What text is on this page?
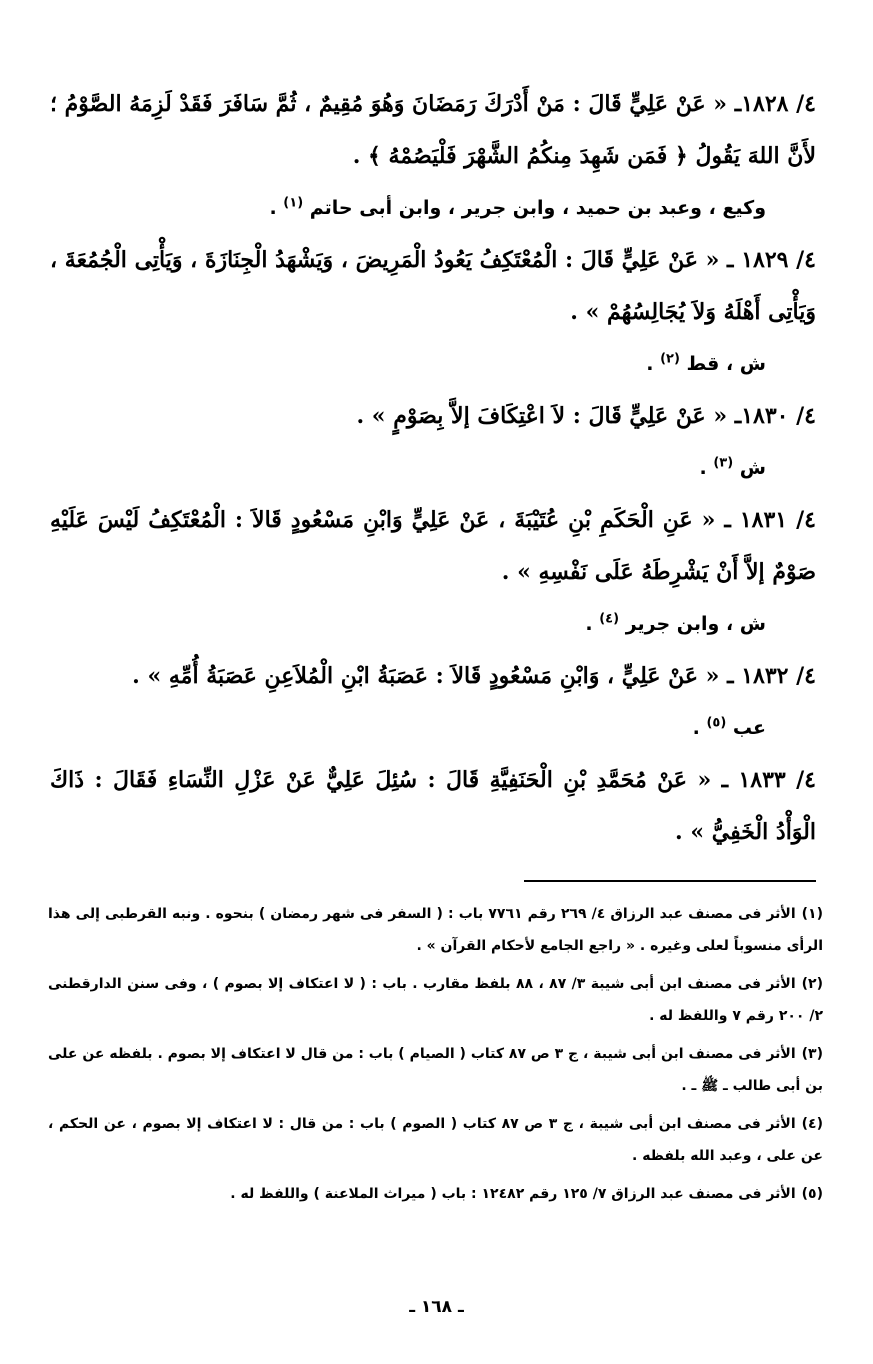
٤/ ١٨٢٨ـ « عَنْ عَلِيٍّ قَالَ : مَنْ أَدْرَكَ رَمَضَانَ وَهُوَ مُقِيمٌ ، ثُمَّ سَافَرَ فَقَدْ لَزِمَهُ الصَّوْمُ ؛ لأَنَّ اللهَ يَقُولُ ﴿ فَمَن شَهِدَ مِنكُمُ الشَّهْرَ فَلْيَصُمْهُ ﴾ .

وكيع ، وعبد بن حميد ، وابن جرير ، وابن أبى حاتم $^{(١)}$ .

٤/ ١٨٢٩ ـ « عَنْ عَلِيٍّ قَالَ : الْمُعْتَكِفُ يَعُودُ الْمَرِيضَ ، وَيَشْهَدُ الْجِنَازَةَ ، وَيَأْتِى الْجُمُعَةَ ، وَيَأْتِى أَهْلَهُ وَلاَ يُجَالِسُهُمْ » .

ش ، قط $^{(٢)}$ .

٤/ ١٨٣٠ـ « عَنْ عَلِيٍّ قَالَ : لاَ اعْتِكَافَ إلاَّ بِصَوْمٍ » .

ش $^{(٣)}$ .

٤/ ١٨٣١ ـ « عَنِ الْحَكَمِ بْنِ عُتَيْبَةَ ، عَنْ عَلِيٍّ وَابْنِ مَسْعُودٍ قَالاَ : الْمُعْتَكِفُ لَيْسَ عَلَيْهِ صَوْمٌ إلاَّ أَنْ يَشْرِطَهُ عَلَى نَفْسِهِ » .

ش ، وابن جرير $^{(٤)}$ .

٤/ ١٨٣٢ ـ « عَنْ عَلِيٍّ ، وَابْنِ مَسْعُودٍ قَالاَ : عَصَبَةُ ابْنِ الْمُلاَعِنِ عَصَبَةُ أُمِّهِ » .

عب $^{(٥)}$ .

٤/ ١٨٣٣ ـ « عَنْ مُحَمَّدِ بْنِ الْحَنَفِيَّةِ قَالَ : سُئِلَ عَلِيٌّ عَنْ عَزْلِ النِّسَاءِ فَقَالَ : ذَاكَ الْوَأْدُ الْخَفِيُّ » .

(١)الأثر فى مصنف عبد الرزاق ٤/ ٢٦٩ رقم ٧٧٦١ باب : ( السفر فى شهر رمضان ) بنحوه . ونبه القرطبى إلى هذا الرأى منسوباً لعلى وغيره . « راجع الجامع لأحكام القرآن » .

(٢)الأثر فى مصنف ابن أبى شيبة ٣/ ٨٧ ، ٨٨ بلفظ مقارب . باب : ( لا اعتكاف إلا بصوم ) ، وفى سنن الدارقطنى ٢/ ٢٠٠ رقم ٧ واللفظ له .

(٣)الأثر فى مصنف ابن أبى شيبة ، ج ٣ ص ٨٧ كتاب ( الصيام ) باب : من قال لا اعتكاف إلا بصوم . بلفظه عن على بن أبى طالب ـ ﷺ ـ .

(٤)الأثر فى مصنف ابن أبى شيبة ، ج ٣ ص ٨٧ كتاب ( الصوم ) باب : من قال : لا اعتكاف إلا بصوم ، عن الحكم ، عن على ، وعبد الله بلفظه .

(٥)الأثر فى مصنف عبد الرزاق ٧/ ١٢٥ رقم ١٢٤٨٢ : باب ( ميراث الملاعنة ) واللفظ له .

ـ ١٦٨ ـ
